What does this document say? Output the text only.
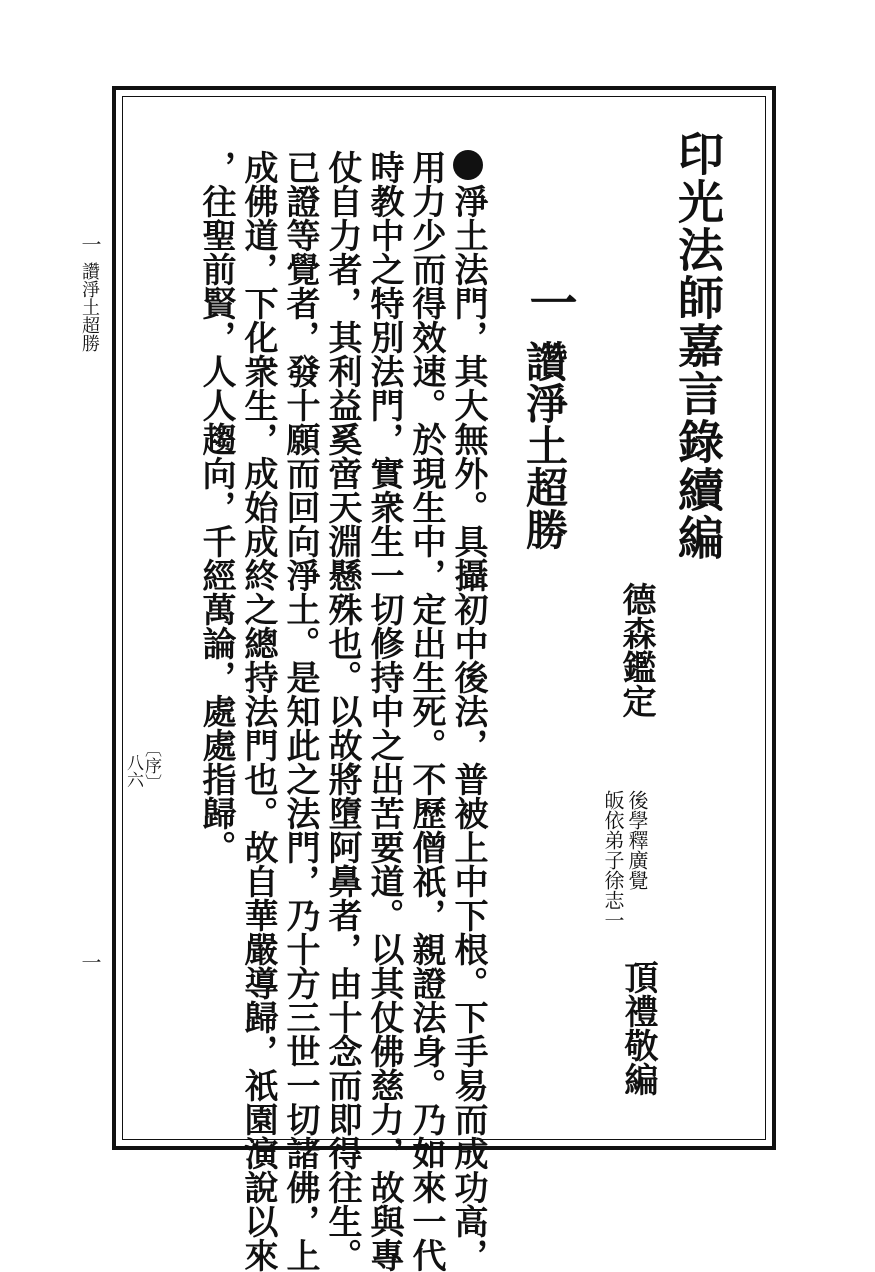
印光法師嘉言錄續編
德森鑑定
後學釋廣覺
皈依弟子徐志一
頂禮敬編
一
讚淨土超勝
淨土法門，其大無外。具攝初中後法，普被上中下根。下手易而成功高，
用力少而得效速。於現生中，定出生死。不歷僧祇，親證法身。乃如來一代
時教中之特別法門，實衆生一切修持中之出苦要道。以其仗佛慈力，故與專
仗自力者，其利益奚啻天淵懸殊也。以故將墮阿鼻者，由十念而即得往生。
已證等覺者，發十願而回向淨土。是知此之法門，乃十方三世一切諸佛，上
成佛道，下化衆生，成始成終之總持法門也。故自華嚴導歸，祇園演說以來
，往聖前賢，人人趨向，千經萬論，處處指歸。
〔序〕
八六
一
讚淨土超勝
一
